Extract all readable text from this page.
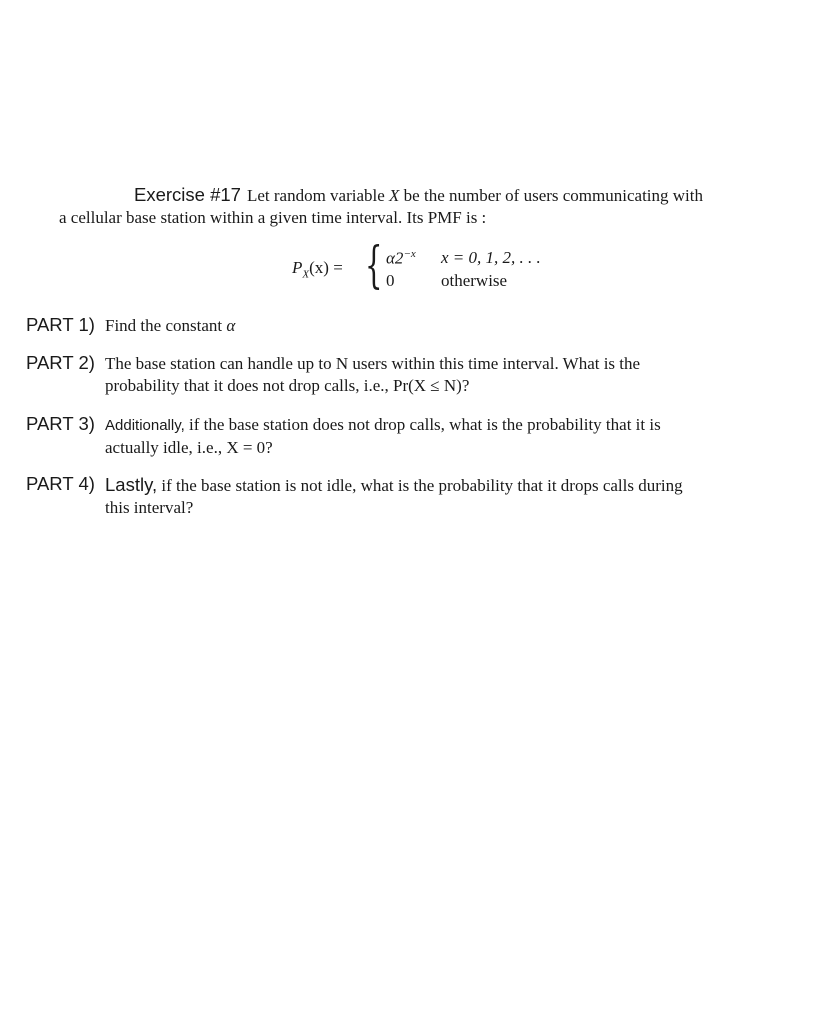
Exercise #17 Let random variable X be the number of users communicating with
a cellular base station within a given time interval. Its PMF is :
$P_X(x)$ = { $\alpha 2^{-x}$ x = 0, 1, 2, . . .
0	otherwise
PART 1) Find the constant α
PART 2) The base station can handle up to N users within this time interval. What is the
probability that it does not drop calls, i.e., Pr(X ≤ N)?
PART 3) Additionally, if the base station does not drop calls, what is the probability that it is
actually idle, i.e., X = 0?
PART 4) Lastly, if the base station is not idle, what is the probability that it drops calls during
this interval?
